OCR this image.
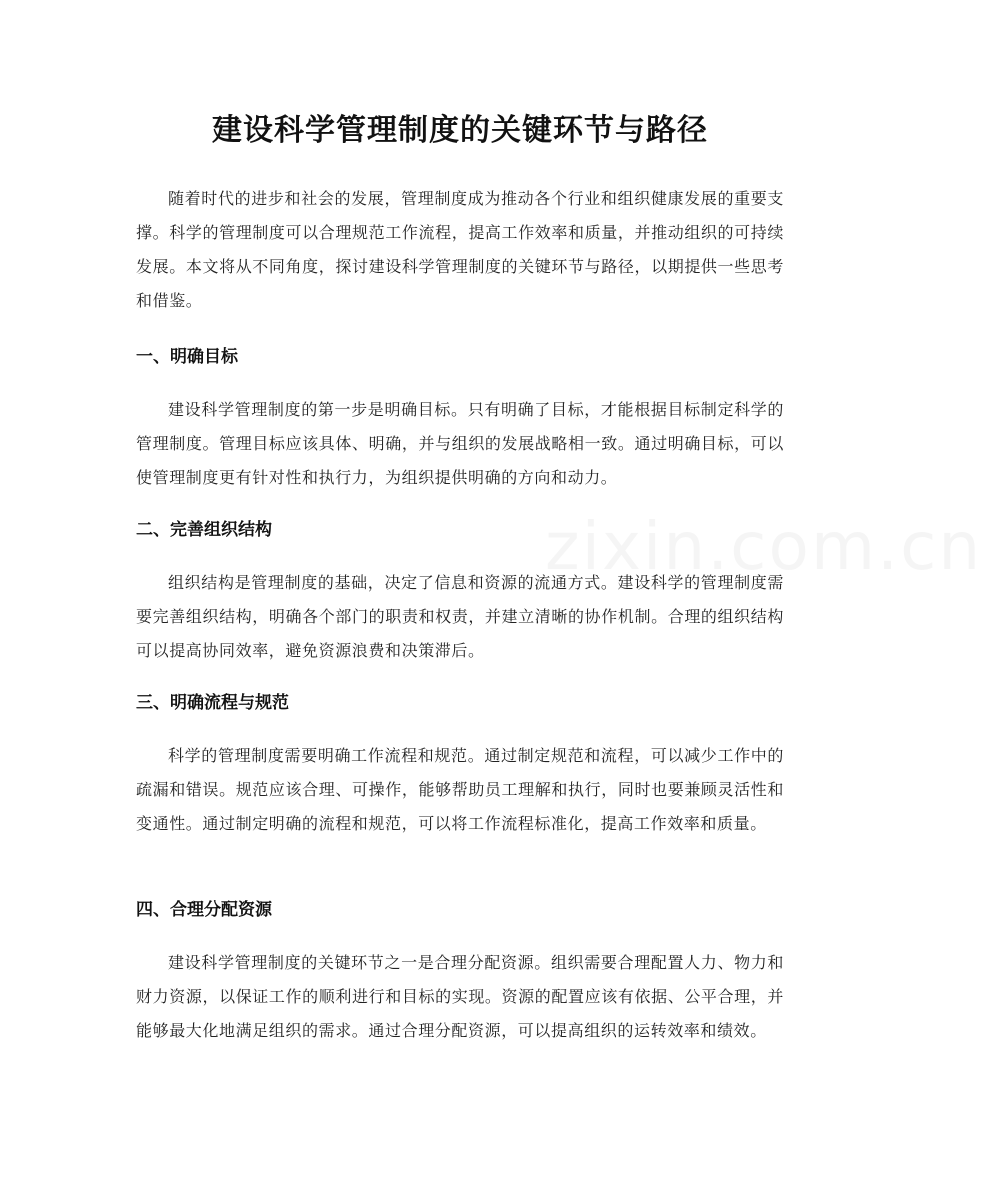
建设科学管理制度的关键环节与路径

随着时代的进步和社会的发展，管理制度成为推动各个行业和组织健康发展的重要支撑。科学的管理制度可以合理规范工作流程，提高工作效率和质量，并推动组织的可持续发展。本文将从不同角度，探讨建设科学管理制度的关键环节与路径，以期提供一些思考和借鉴。

一、明确目标

建设科学管理制度的第一步是明确目标。只有明确了目标，才能根据目标制定科学的管理制度。管理目标应该具体、明确，并与组织的发展战略相一致。通过明确目标，可以使管理制度更有针对性和执行力，为组织提供明确的方向和动力。

二、完善组织结构

组织结构是管理制度的基础，决定了信息和资源的流通方式。建设科学的管理制度需要完善组织结构，明确各个部门的职责和权责，并建立清晰的协作机制。合理的组织结构可以提高协同效率，避免资源浪费和决策滞后。

三、明确流程与规范

科学的管理制度需要明确工作流程和规范。通过制定规范和流程，可以减少工作中的疏漏和错误。规范应该合理、可操作，能够帮助员工理解和执行，同时也要兼顾灵活性和变通性。通过制定明确的流程和规范，可以将工作流程标准化，提高工作效率和质量。

四、合理分配资源

建设科学管理制度的关键环节之一是合理分配资源。组织需要合理配置人力、物力和财力资源，以保证工作的顺利进行和目标的实现。资源的配置应该有依据、公平合理，并能够最大化地满足组织的需求。通过合理分配资源，可以提高组织的运转效率和绩效。

zixin.com.cn
